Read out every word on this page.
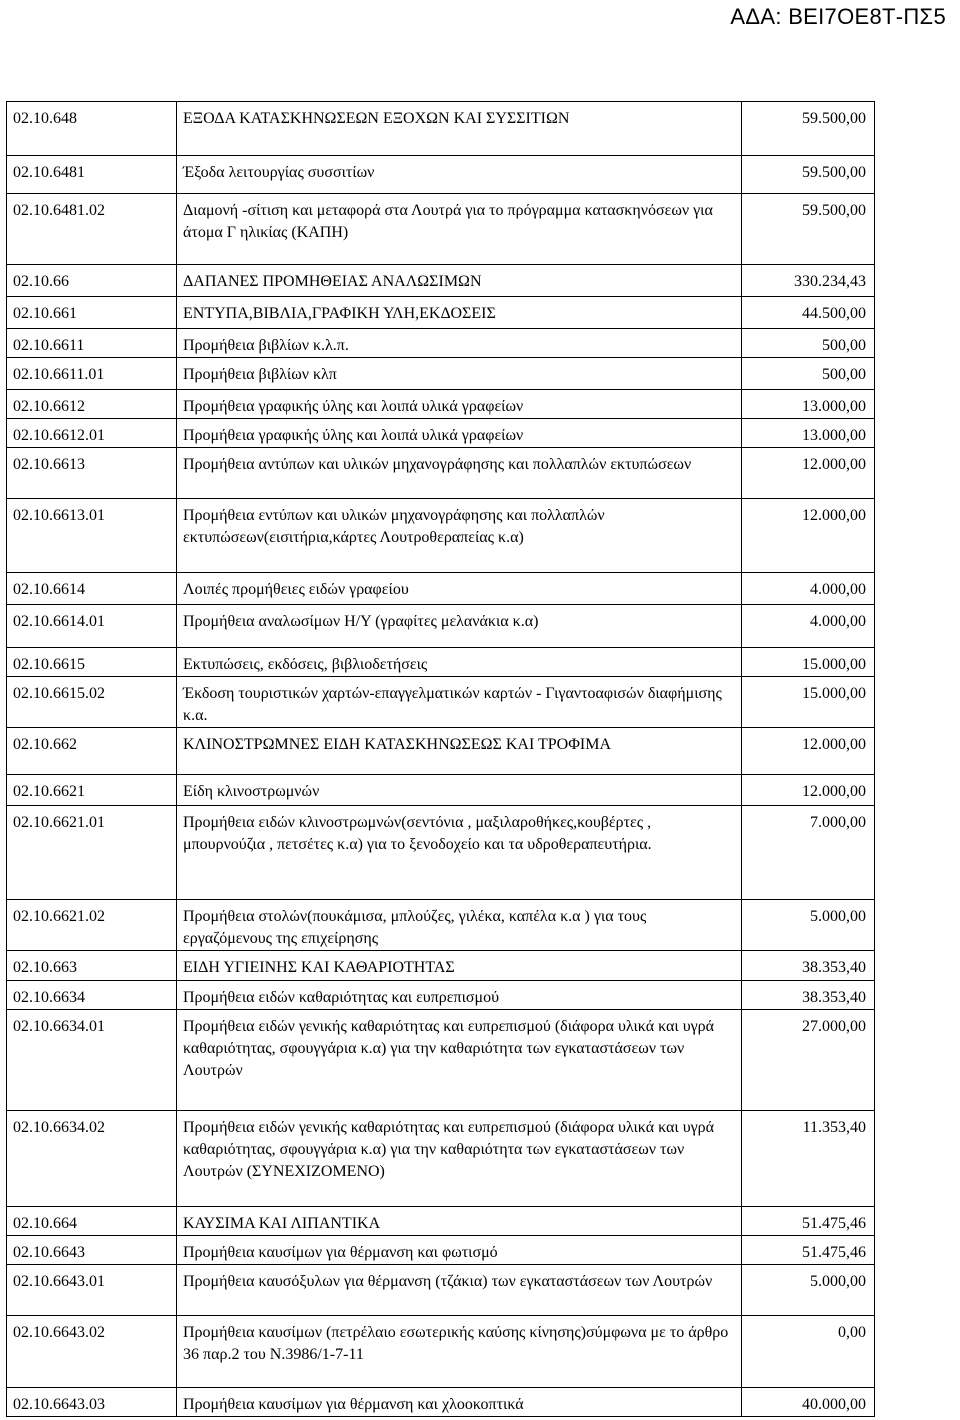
ΑΔΑ: ΒΕΙ7ΟΕ8Τ-ΠΣ5
02.10.648	ΕΞΟΔΑ ΚΑΤΑΣΚΗΝΩΣΕΩΝ ΕΞΟΧΩΝ ΚΑΙ ΣΥΣΣΙΤΙΩΝ	59.500,00
02.10.6481	Έξοδα λειτουργίας συσσιτίων	59.500,00
02.10.6481.02	Διαμονή -σίτιση και μεταφορά στα Λουτρά για το πρόγραμμα κατασκηνόσεων για άτομα Γ ηλικίας (ΚΑΠΗ)	59.500,00
02.10.66	ΔΑΠΑΝΕΣ ΠΡΟΜΗΘΕΙΑΣ ΑΝΑΛΩΣΙΜΩΝ	330.234,43
02.10.661	ΕΝΤΥΠΑ,ΒΙΒΛΙΑ,ΓΡΑΦΙΚΗ ΥΛΗ,ΕΚΔΟΣΕΙΣ	44.500,00
02.10.6611	Προμήθεια βιβλίων κ.λ.π.	500,00
02.10.6611.01	Προμήθεια βιβλίων κλπ	500,00
02.10.6612	Προμήθεια γραφικής ύλης και λοιπά υλικά γραφείων	13.000,00
02.10.6612.01	Προμήθεια γραφικής ύλης και λοιπά υλικά γραφείων	13.000,00
02.10.6613	Προμήθεια αντύπων και υλικών μηχανογράφησης και πολλαπλών εκτυπώσεων	12.000,00
02.10.6613.01	Προμήθεια εντύπων και υλικών μηχανογράφησης και πολλαπλών εκτυπώσεων(εισιτήρια,κάρτες Λουτροθεραπείας κ.α)	12.000,00
02.10.6614	Λοιπές προμήθειες ειδών γραφείου	4.000,00
02.10.6614.01	Προμήθεια αναλωσίμων Η/Υ (γραφίτες μελανάκια κ.α)	4.000,00
02.10.6615	Εκτυπώσεις, εκδόσεις, βιβλιοδετήσεις	15.000,00
02.10.6615.02	Έκδοση τουριστικών χαρτών-επαγγελματικών καρτών - Γιγαντοαφισών διαφήμισης κ.α.	15.000,00
02.10.662	ΚΛΙΝΟΣΤΡΩΜΝΕΣ ΕΙΔΗ ΚΑΤΑΣΚΗΝΩΣΕΩΣ ΚΑΙ ΤΡΟΦΙΜΑ	12.000,00
02.10.6621	Είδη κλινοστρωμνών	12.000,00
02.10.6621.01	Προμήθεια ειδών κλινοστρωμνών(σεντόνια , μαξιλαροθήκες,κουβέρτες , μπουρνούζια , πετσέτες κ.α) για το ξενοδοχείο και τα υδροθεραπευτήρια.	7.000,00
02.10.6621.02	Προμήθεια στολών(πουκάμισα, μπλούζες, γιλέκα, καπέλα κ.α ) για τους εργαζόμενους της επιχείρησης	5.000,00
02.10.663	ΕΙΔΗ ΥΓΙΕΙΝΗΣ ΚΑΙ ΚΑΘΑΡΙΟΤΗΤΑΣ	38.353,40
02.10.6634	Προμήθεια ειδών καθαριότητας και ευπρεπισμού	38.353,40
02.10.6634.01	Προμήθεια ειδών γενικής καθαριότητας και ευπρεπισμού (διάφορα υλικά και υγρά καθαριότητας, σφουγγάρια κ.α) για την καθαριότητα των εγκαταστάσεων των Λουτρών	27.000,00
02.10.6634.02	Προμήθεια ειδών γενικής καθαριότητας και ευπρεπισμού (διάφορα υλικά και υγρά καθαριότητας, σφουγγάρια κ.α) για την καθαριότητα των εγκαταστάσεων των Λουτρών (ΣΥΝΕΧΙΖΟΜΕΝΟ)	11.353,40
02.10.664	ΚΑΥΣΙΜΑ ΚΑΙ ΛΙΠΑΝΤΙΚΑ	51.475,46
02.10.6643	Προμήθεια καυσίμων για θέρμανση και φωτισμό	51.475,46
02.10.6643.01	Προμήθεια καυσόξυλων για θέρμανση (τζάκια) των εγκαταστάσεων των Λουτρών	5.000,00
02.10.6643.02	Προμήθεια καυσίμων (πετρέλαιο εσωτερικής καύσης κίνησης)σύμφωνα με το άρθρο 36 παρ.2 του Ν.3986/1-7-11	0,00
02.10.6643.03	Προμήθεια καυσίμων για θέρμανση και χλοοκοπτικά	40.000,00
